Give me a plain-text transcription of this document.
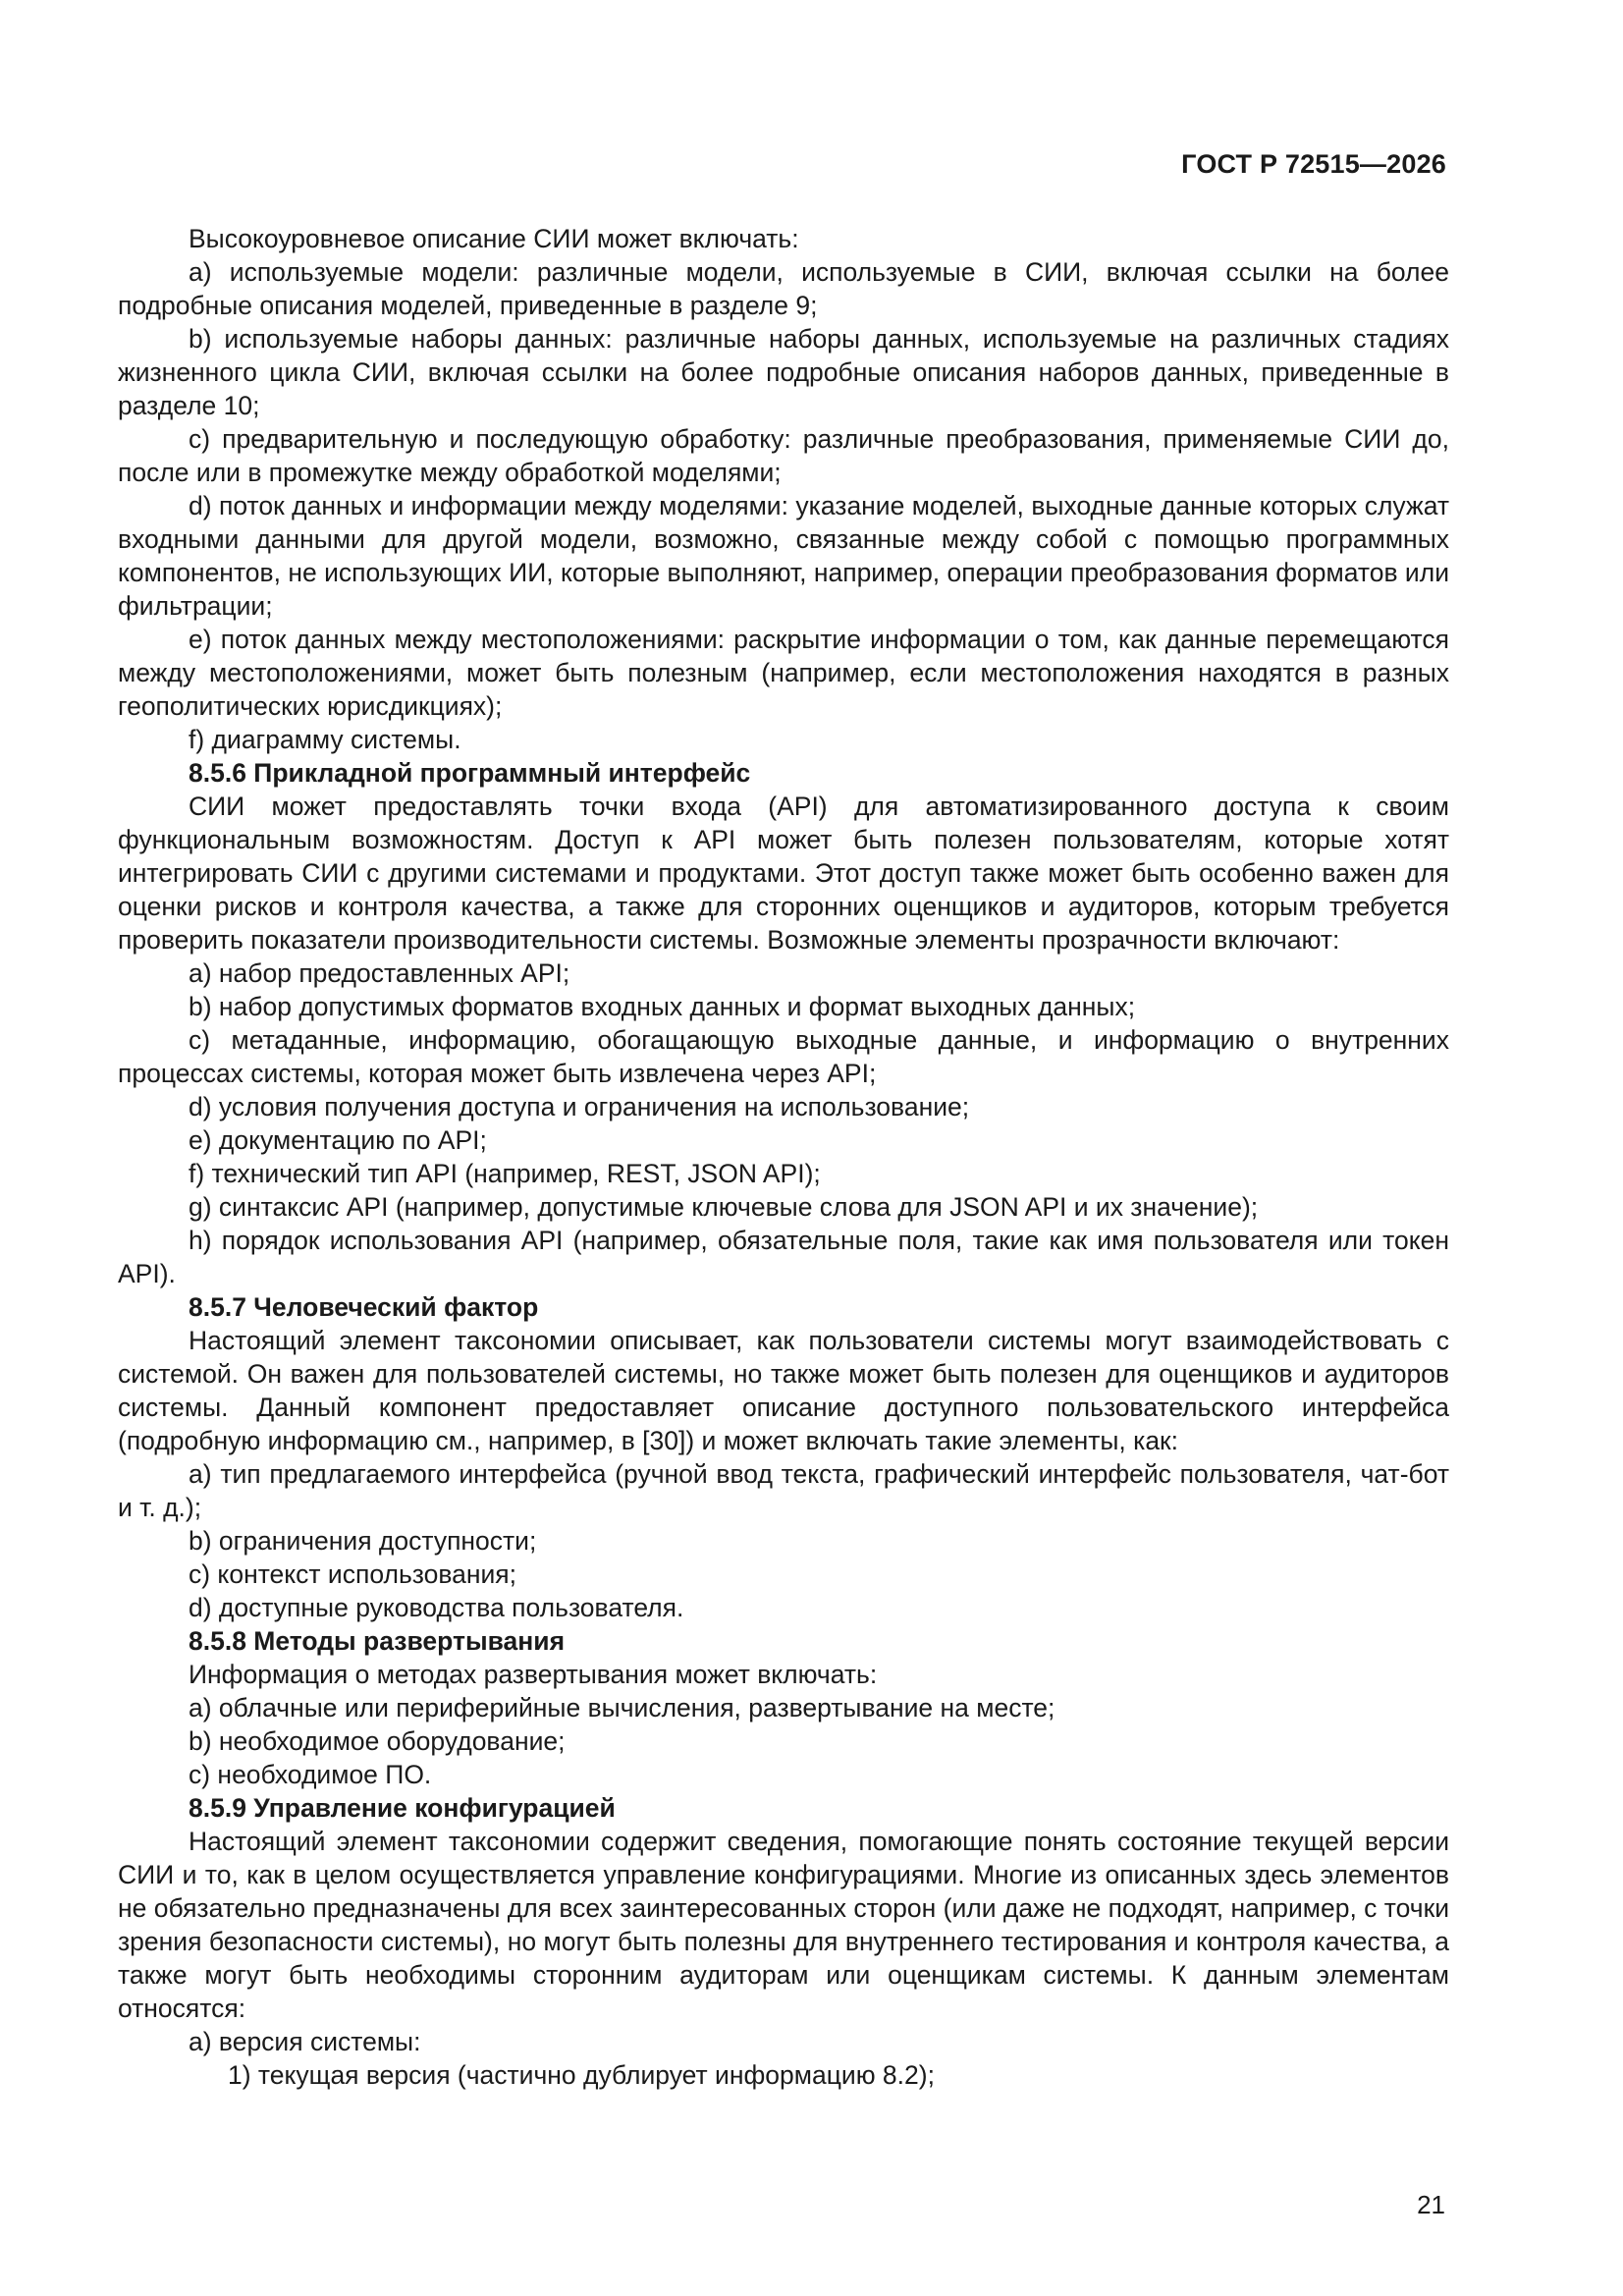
ГОСТ Р 72515—2026

Высокоуровневое описание СИИ может включать:

a) используемые модели: различные модели, используемые в СИИ, включая ссылки на более подробные описания моделей, приведенные в разделе 9;

b) используемые наборы данных: различные наборы данных, используемые на различных стадиях жизненного цикла СИИ, включая ссылки на более подробные описания наборов данных, приведенные в разделе 10;

c) предварительную и последующую обработку: различные преобразования, применяемые СИИ до, после или в промежутке между обработкой моделями;

d) поток данных и информации между моделями: указание моделей, выходные данные которых служат входными данными для другой модели, возможно, связанные между собой с помощью программных компонентов, не использующих ИИ, которые выполняют, например, операции преобразования форматов или фильтрации;

e) поток данных между местоположениями: раскрытие информации о том, как данные перемещаются между местоположениями, может быть полезным (например, если местоположения находятся в разных геополитических юрисдикциях);

f) диаграмму системы.

8.5.6 Прикладной программный интерфейс

СИИ может предоставлять точки входа (API) для автоматизированного доступа к своим функциональным возможностям. Доступ к API может быть полезен пользователям, которые хотят интегрировать СИИ с другими системами и продуктами. Этот доступ также может быть особенно важен для оценки рисков и контроля качества, а также для сторонних оценщиков и аудиторов, которым требуется проверить показатели производительности системы. Возможные элементы прозрачности включают:

a) набор предоставленных API;

b) набор допустимых форматов входных данных и формат выходных данных;

c) метаданные, информацию, обогащающую выходные данные, и информацию о внутренних процессах системы, которая может быть извлечена через API;

d) условия получения доступа и ограничения на использование;

e) документацию по API;

f) технический тип API (например, REST, JSON API);

g) синтаксис API (например, допустимые ключевые слова для JSON API и их значение);

h) порядок использования API (например, обязательные поля, такие как имя пользователя или токен API).

8.5.7 Человеческий фактор

Настоящий элемент таксономии описывает, как пользователи системы могут взаимодействовать с системой. Он важен для пользователей системы, но также может быть полезен для оценщиков и аудиторов системы. Данный компонент предоставляет описание доступного пользовательского интерфейса (подробную информацию см., например, в [30]) и может включать такие элементы, как:

a) тип предлагаемого интерфейса (ручной ввод текста, графический интерфейс пользователя, чат-бот и т. д.);

b) ограничения доступности;

c) контекст использования;

d) доступные руководства пользователя.

8.5.8 Методы развертывания

Информация о методах развертывания может включать:

a) облачные или периферийные вычисления, развертывание на месте;

b) необходимое оборудование;

c) необходимое ПО.

8.5.9 Управление конфигурацией

Настоящий элемент таксономии содержит сведения, помогающие понять состояние текущей версии СИИ и то, как в целом осуществляется управление конфигурациями. Многие из описанных здесь элементов не обязательно предназначены для всех заинтересованных сторон (или даже не подходят, например, с точки зрения безопасности системы), но могут быть полезны для внутреннего тестирования и контроля качества, а также могут быть необходимы сторонним аудиторам или оценщикам системы. К данным элементам относятся:

a) версия системы:

1) текущая версия (частично дублирует информацию 8.2);

21
